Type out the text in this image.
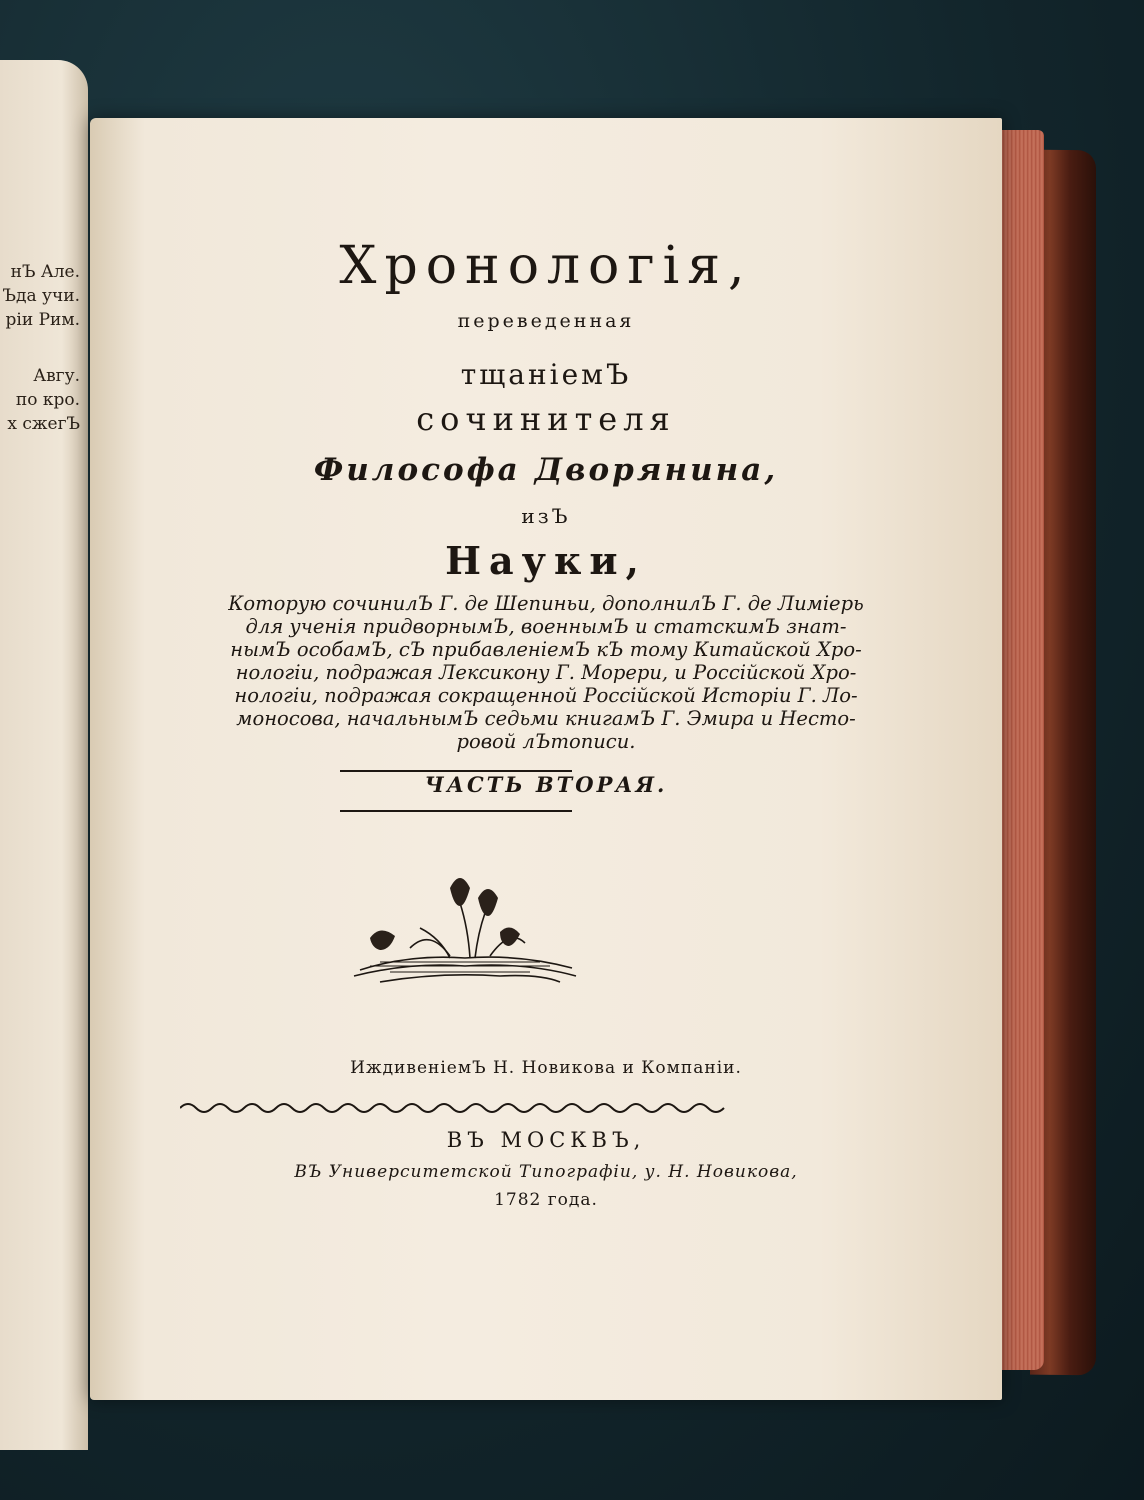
нЪ Але.
Ъда учи.
рiи Рим.
Авгу.
по кро.
х сжегЪ
Хронологiя,
переведенная
тщанiемЪ
сочинителя
Философа Дворянина,
изЪ
Науки,
Которую сочинилЪ Г. де Шепиньи, дополнилЪ Г. де Лимiерь
для ученiя придворнымЪ, военнымЪ и статскимЪ знат-
нымЪ особамЪ, сЪ прибавленiемЪ кЪ тому Китайской Хро-
нологiи, подражая Лексикону Г. Морери, и Россiйской Хро-
нологiи, подражая сокращенной Россiйской Исторiи Г. Ло-
моносова, начальнымЪ седьми книгамЪ Г. Эмира и Несто-
ровой лЪтописи.
ЧАСТЬ ВТОРАЯ.
ИждивенiемЪ Н. Новикова и Компанiи.
ВЪ МОСКВЪ,
ВЪ Университетской Типографiи, у. Н. Новикова,
1782 года.
